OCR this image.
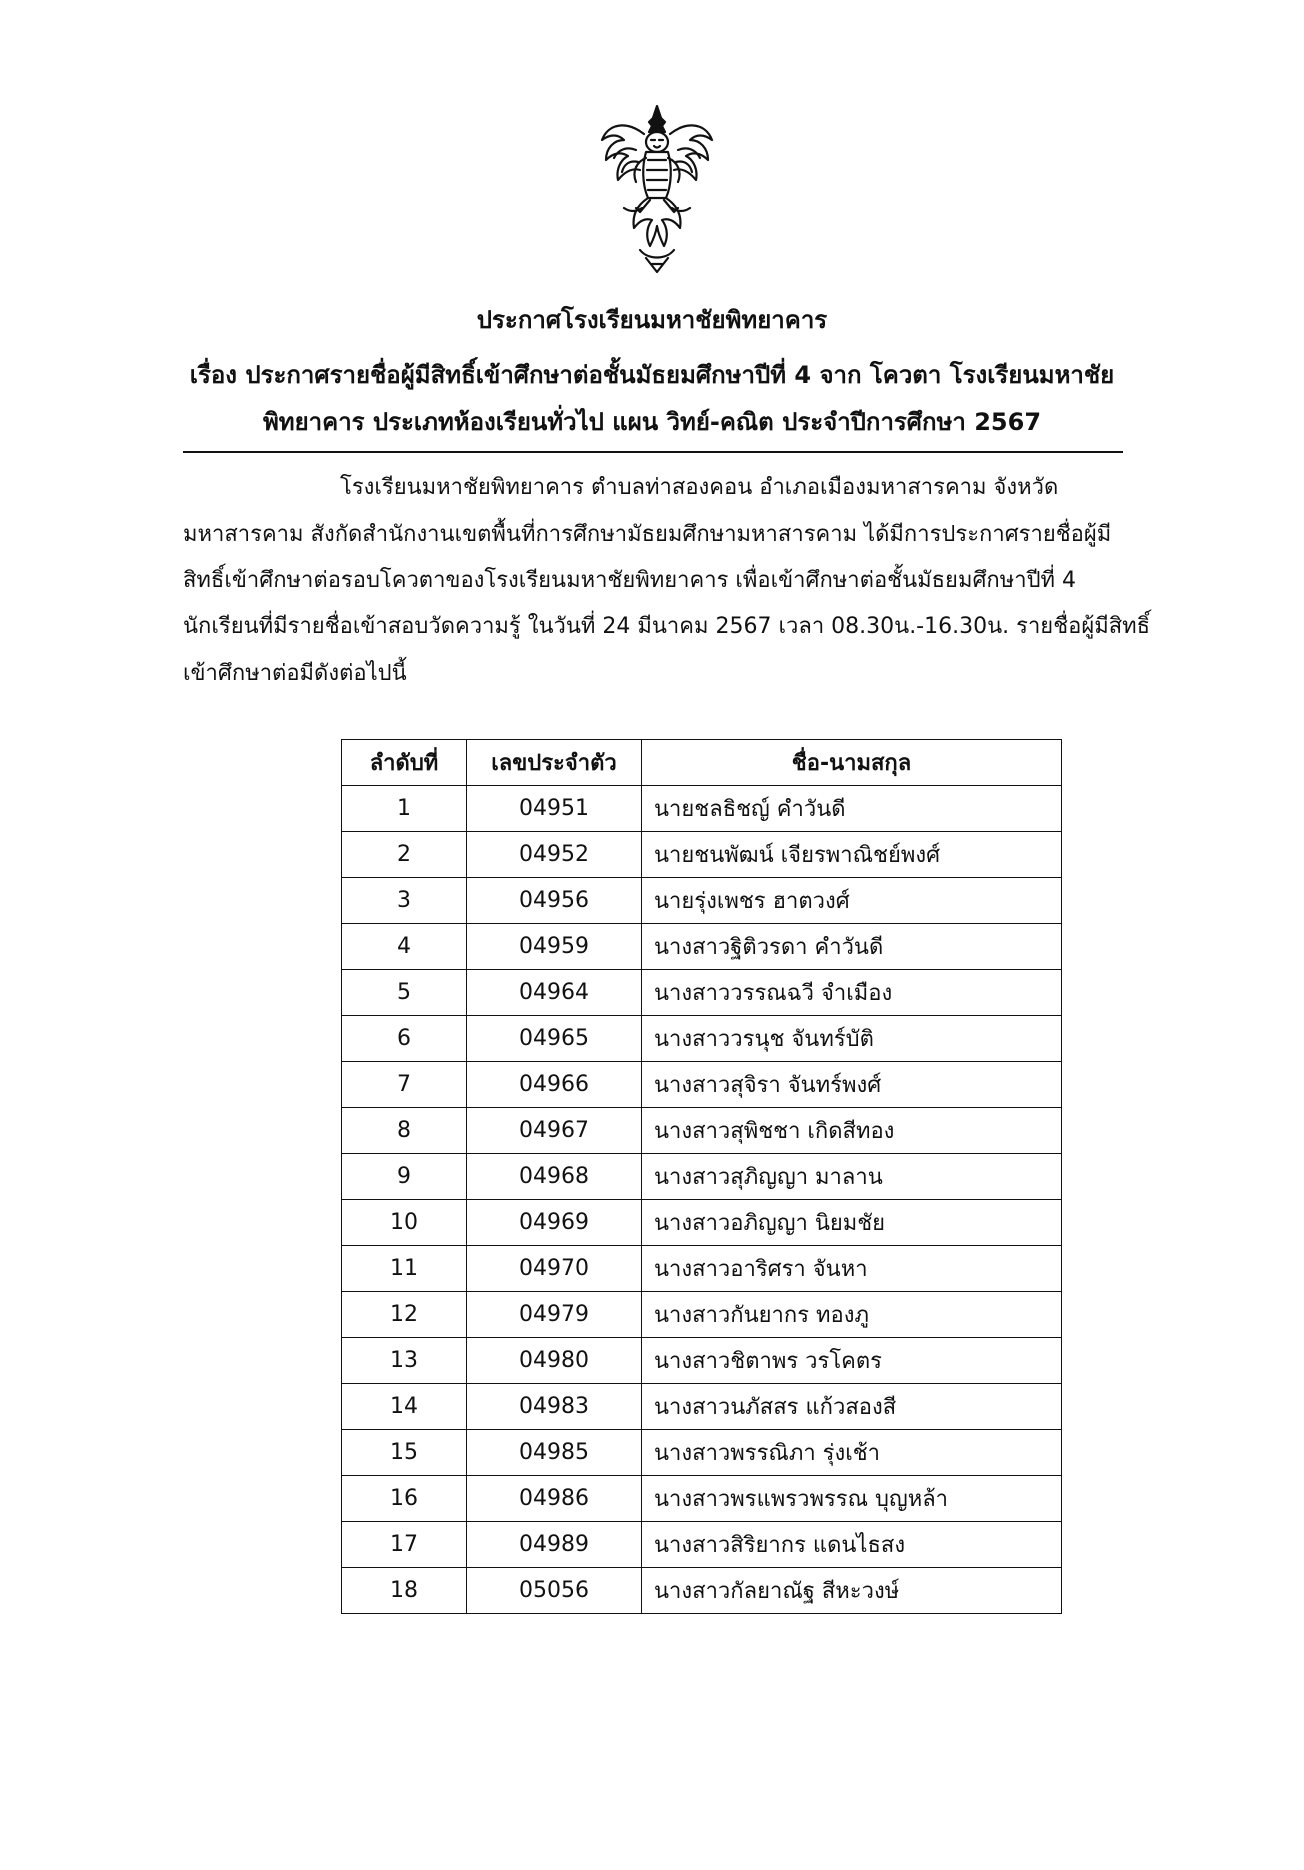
ประกาศโรงเรียนมหาชัยพิทยาคาร
เรื่อง ประกาศรายชื่อผู้มีสิทธิ์เข้าศึกษาต่อชั้นมัธยมศึกษาปีที่ 4 จาก โควตา โรงเรียนมหาชัย
พิทยาคาร ประเภทห้องเรียนทั่วไป แผน วิทย์-คณิต ประจำปีการศึกษา 2567
โรงเรียนมหาชัยพิทยาคาร ตำบลท่าสองคอน อำเภอเมืองมหาสารคาม จังหวัด
มหาสารคาม สังกัดสำนักงานเขตพื้นที่การศึกษามัธยมศึกษามหาสารคาม ได้มีการประกาศรายชื่อผู้มี
สิทธิ์เข้าศึกษาต่อรอบโควตาของโรงเรียนมหาชัยพิทยาคาร เพื่อเข้าศึกษาต่อชั้นมัธยมศึกษาปีที่ 4
นักเรียนที่มีรายชื่อเข้าสอบวัดความรู้ ในวันที่ 24 มีนาคม 2567 เวลา 08.30น.-16.30น. รายชื่อผู้มีสิทธิ์
เข้าศึกษาต่อมีดังต่อไปนี้
ลำดับที่	เลขประจำตัว	ชื่อ-นามสกุล
1	04951	นายชลธิชญ์ คำวันดี
2	04952	นายชนพัฒน์ เจียรพาณิชย์พงศ์
3	04956	นายรุ่งเพชร ฮาตวงศ์
4	04959	นางสาวฐิติวรดา คำวันดี
5	04964	นางสาววรรณฉวี จำเมือง
6	04965	นางสาววรนุช จันทร์บัติ
7	04966	นางสาวสุจิรา จันทร์พงศ์
8	04967	นางสาวสุพิชชา เกิดสีทอง
9	04968	นางสาวสุภิญญา มาลาน
10	04969	นางสาวอภิญญา นิยมชัย
11	04970	นางสาวอาริศรา จันหา
12	04979	นางสาวกันยากร ทองภู
13	04980	นางสาวชิตาพร วรโคตร
14	04983	นางสาวนภัสสร แก้วสองสี
15	04985	นางสาวพรรณิภา รุ่งเช้า
16	04986	นางสาวพรแพรวพรรณ บุญหล้า
17	04989	นางสาวสิริยากร แดนไธสง
18	05056	นางสาวกัลยาณัฐ สีหะวงษ์
